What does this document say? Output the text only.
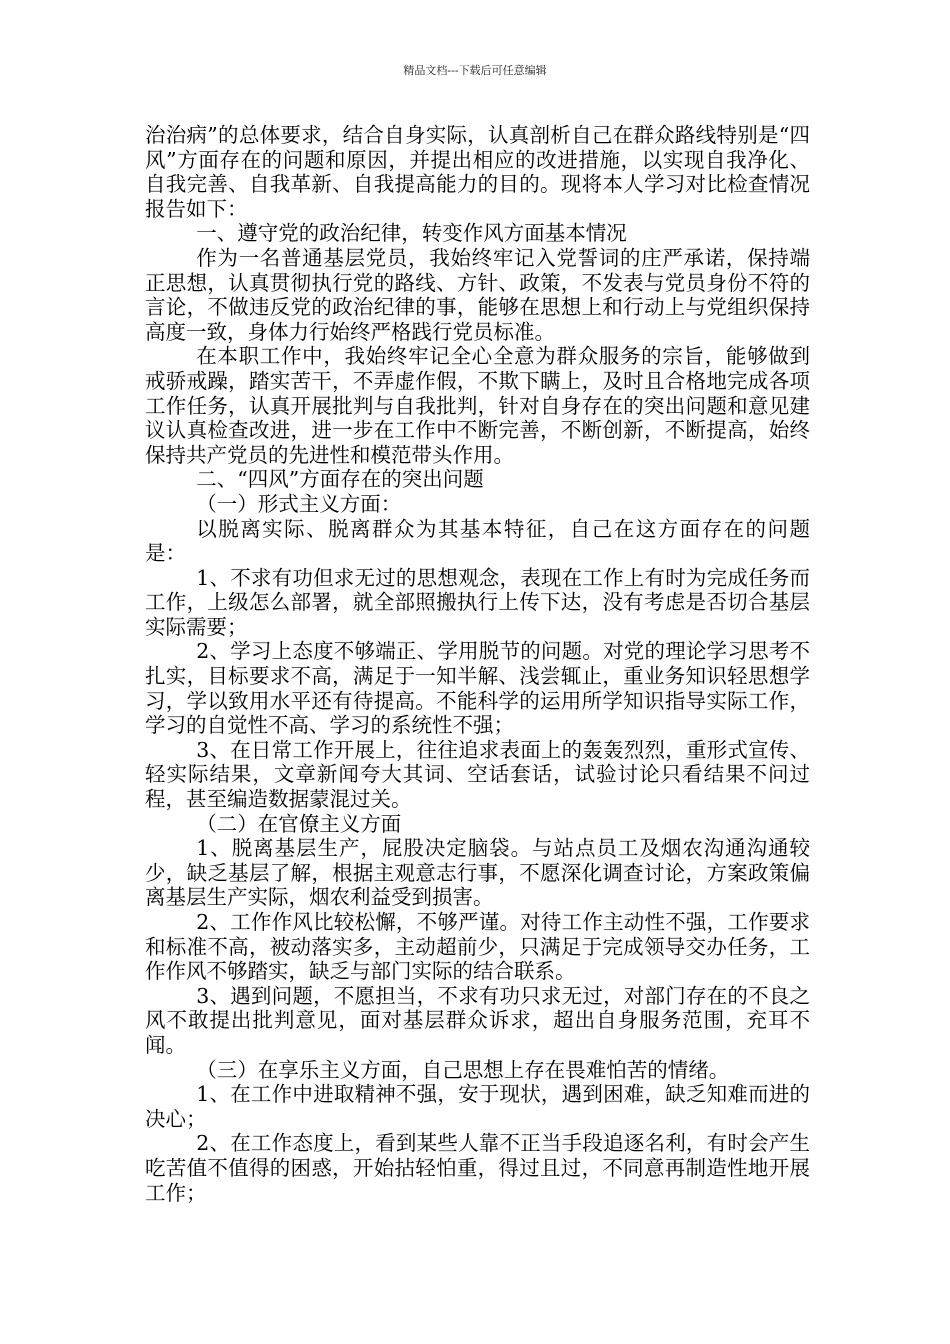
精品文档---下载后可任意编辑

治治病”的总体要求，结合自身实际，认真剖析自己在群众路线特别是“四风”方面存在的问题和原因，并提出相应的改进措施，以实现自我净化、自我完善、自我革新、自我提高能力的目的。现将本人学习对比检查情况报告如下：

一、遵守党的政治纪律，转变作风方面基本情况

作为一名普通基层党员，我始终牢记入党誓词的庄严承诺，保持端正思想，认真贯彻执行党的路线、方针、政策，不发表与党员身份不符的言论，不做违反党的政治纪律的事，能够在思想上和行动上与党组织保持高度一致，身体力行始终严格践行党员标准。

在本职工作中，我始终牢记全心全意为群众服务的宗旨，能够做到戒骄戒躁，踏实苦干，不弄虚作假，不欺下瞒上，及时且合格地完成各项工作任务，认真开展批判与自我批判，针对自身存在的突出问题和意见建议认真检查改进，进一步在工作中不断完善，不断创新，不断提高，始终保持共产党员的先进性和模范带头作用。

二、“四风”方面存在的突出问题

（一）形式主义方面：

以脱离实际、脱离群众为其基本特征，自己在这方面存在的问题是：

1、不求有功但求无过的思想观念，表现在工作上有时为完成任务而工作，上级怎么部署，就全部照搬执行上传下达，没有考虑是否切合基层实际需要；

2、学习上态度不够端正、学用脱节的问题。对党的理论学习思考不扎实，目标要求不高，满足于一知半解、浅尝辄止，重业务知识轻思想学习，学以致用水平还有待提高。不能科学的运用所学知识指导实际工作，学习的自觉性不高、学习的系统性不强；

3、在日常工作开展上，往往追求表面上的轰轰烈烈，重形式宣传、轻实际结果，文章新闻夸大其词、空话套话，试验讨论只看结果不问过程，甚至编造数据蒙混过关。

（二）在官僚主义方面

1、脱离基层生产，屁股决定脑袋。与站点员工及烟农沟通沟通较少，缺乏基层了解，根据主观意志行事，不愿深化调查讨论，方案政策偏离基层生产实际，烟农利益受到损害。

2、工作作风比较松懈，不够严谨。对待工作主动性不强，工作要求和标准不高，被动落实多，主动超前少，只满足于完成领导交办任务，工作作风不够踏实，缺乏与部门实际的结合联系。

3、遇到问题，不愿担当，不求有功只求无过，对部门存在的不良之风不敢提出批判意见，面对基层群众诉求，超出自身服务范围，充耳不闻。

（三）在享乐主义方面，自己思想上存在畏难怕苦的情绪。

1、在工作中进取精神不强，安于现状，遇到困难，缺乏知难而进的决心；

2、在工作态度上，看到某些人靠不正当手段追逐名利，有时会产生吃苦值不值得的困惑，开始拈轻怕重，得过且过，不同意再制造性地开展工作；
